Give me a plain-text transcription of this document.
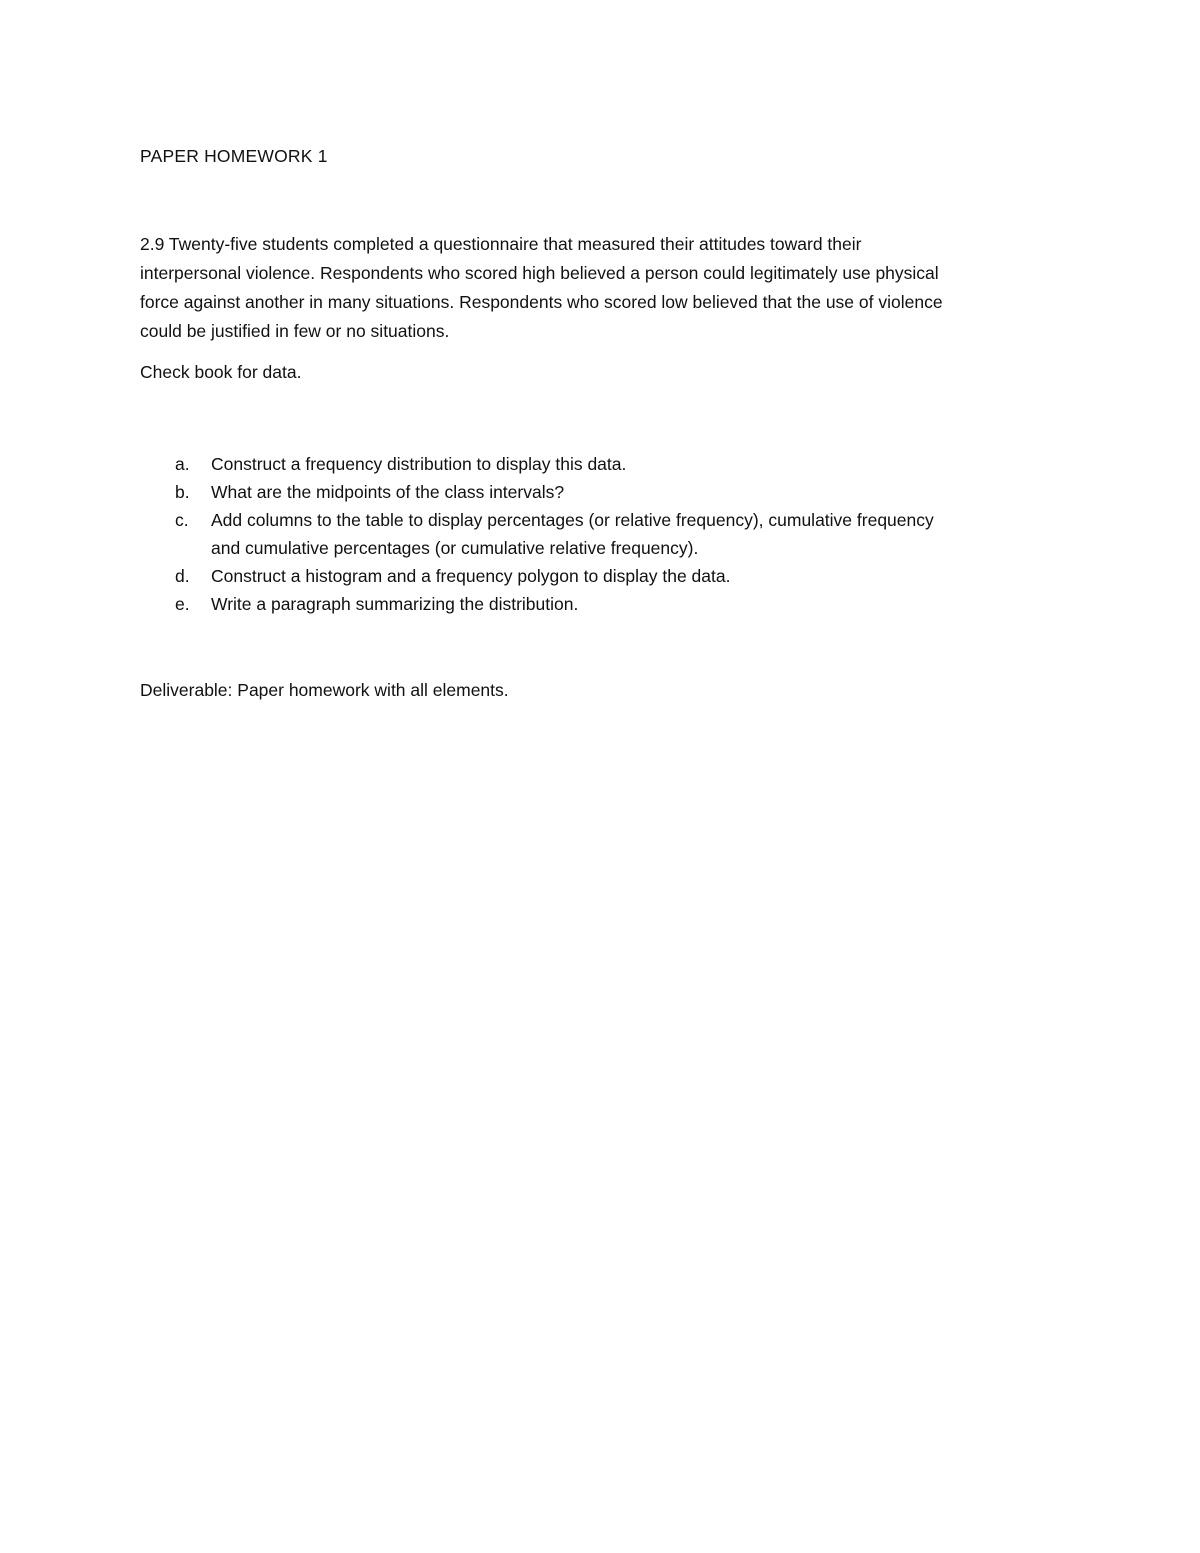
PAPER HOMEWORK 1
2.9 Twenty-five students completed a questionnaire that measured their attitudes toward their
interpersonal violence. Respondents who scored high believed a person could legitimately use physical
force against another in many situations. Respondents who scored low believed that the use of violence
could be justified in few or no situations.
Check book for data.
a. Construct a frequency distribution to display this data.
b. What are the midpoints of the class intervals?
c. Add columns to the table to display percentages (or relative frequency), cumulative frequency
and cumulative percentages (or cumulative relative frequency).
d. Construct a histogram and a frequency polygon to display the data.
e. Write a paragraph summarizing the distribution.
Deliverable: Paper homework with all elements.
